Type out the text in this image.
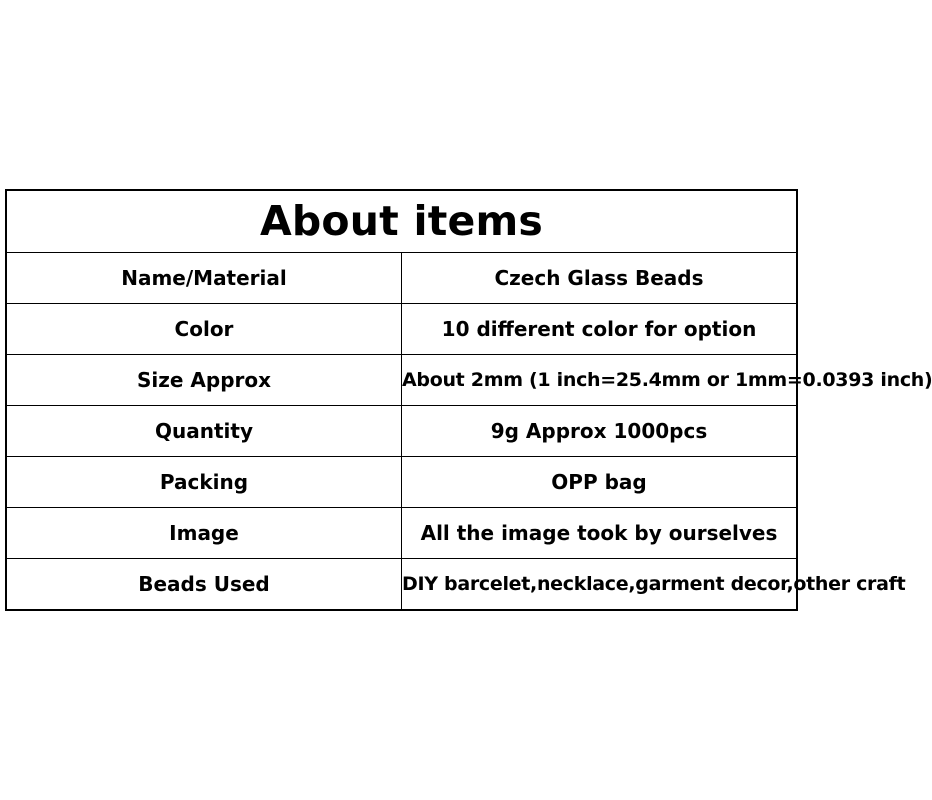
About items	
Name/Material	Czech Glass Beads
Color	10 different color for option
Size Approx	About 2mm (1 inch=25.4mm or 1mm=0.0393 inch)
Quantity	9g Approx 1000pcs
Packing	OPP bag
Image	All the image took by ourselves
Beads Used	DIY barcelet,necklace,garment decor,other craft
